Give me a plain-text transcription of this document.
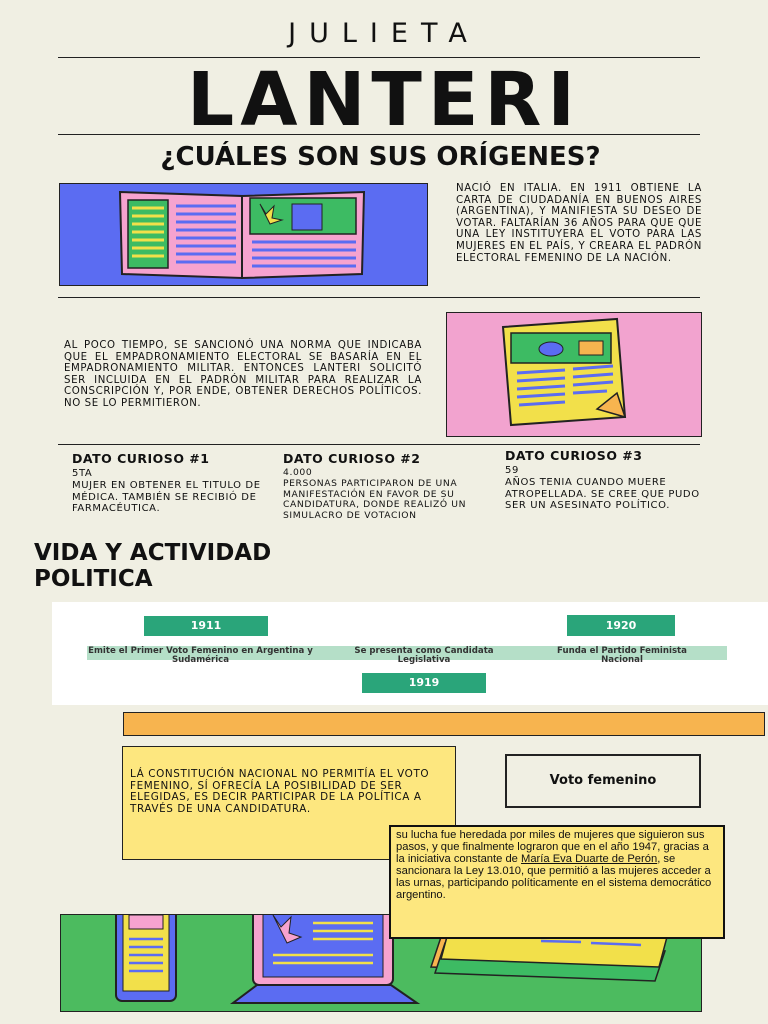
JULIETA
LANTERI
¿CUÁLES SON SUS ORÍGENES?
NACIÓ EN ITALIA. EN 1911 OBTIENE LA CARTA DE CIUDADANÍA EN BUENOS AIRES (ARGENTINA), Y MANIFIESTA SU DESEO DE VOTAR. FALTARÍAN 36 AÑOS PARA QUE QUE UNA LEY INSTITUYERA EL VOTO PARA LAS MUJERES EN EL PAÍS, Y CREARA EL PADRÓN ELECTORAL FEMENINO DE LA NACIÓN.
AL POCO TIEMPO, SE SANCIONÓ UNA NORMA QUE INDICABA QUE EL EMPADRONAMIENTO ELECTORAL SE BASARÍA EN EL EMPADRONAMIENTO MILITAR. ENTONCES LANTERI SOLICITÓ SER INCLUIDA EN EL PADRÓN MILITAR PARA REALIZAR LA CONSCRIPCIÓN Y, POR ENDE, OBTENER DERECHOS POLÍTICOS. NO SE LO PERMITIERON.
DATO CURIOSO #1
5TA
MUJER EN OBTENER EL TITULO DE MÉDICA. TAMBIÉN SE RECIBIÓ DE FARMACÉUTICA.
DATO CURIOSO #2
4.000
PERSONAS PARTICIPARON DE UNA MANIFESTACIÓN EN FAVOR DE SU CANDIDATURA, DONDE REALIZÓ UN SIMULACRO DE VOTACION
DATO CURIOSO #3
59
AÑOS TENIA CUANDO MUERE ATROPELLADA. SE CREE QUE PUDO SER UN ASESINATO POLÍTICO.
VIDA Y ACTIVIDAD
POLITICA
1911
1919
1920
Emite el Primer Voto Femenino en Argentina y Sudamérica
Se presenta como Candidata Legislativa
Funda el Partido Feminista Nacional
LÁ CONSTITUCIÓN NACIONAL NO PERMITÍA EL VOTO FEMENINO, SÍ OFRECÍA LA POSIBILIDAD DE SER ELEGIDAS, ES DECIR PARTICIPAR DE LA POLÍTICA A TRAVÉS DE UNA CANDIDATURA.
Voto femenino
su lucha fue heredada por miles de mujeres que siguieron sus pasos, y que finalmente lograron que en el año 1947, gracias a la iniciativa constante de María Eva Duarte de Perón, se sancionara la Ley 13.010, que permitió a las mujeres acceder a las urnas, participando políticamente en el sistema democrático argentino.
